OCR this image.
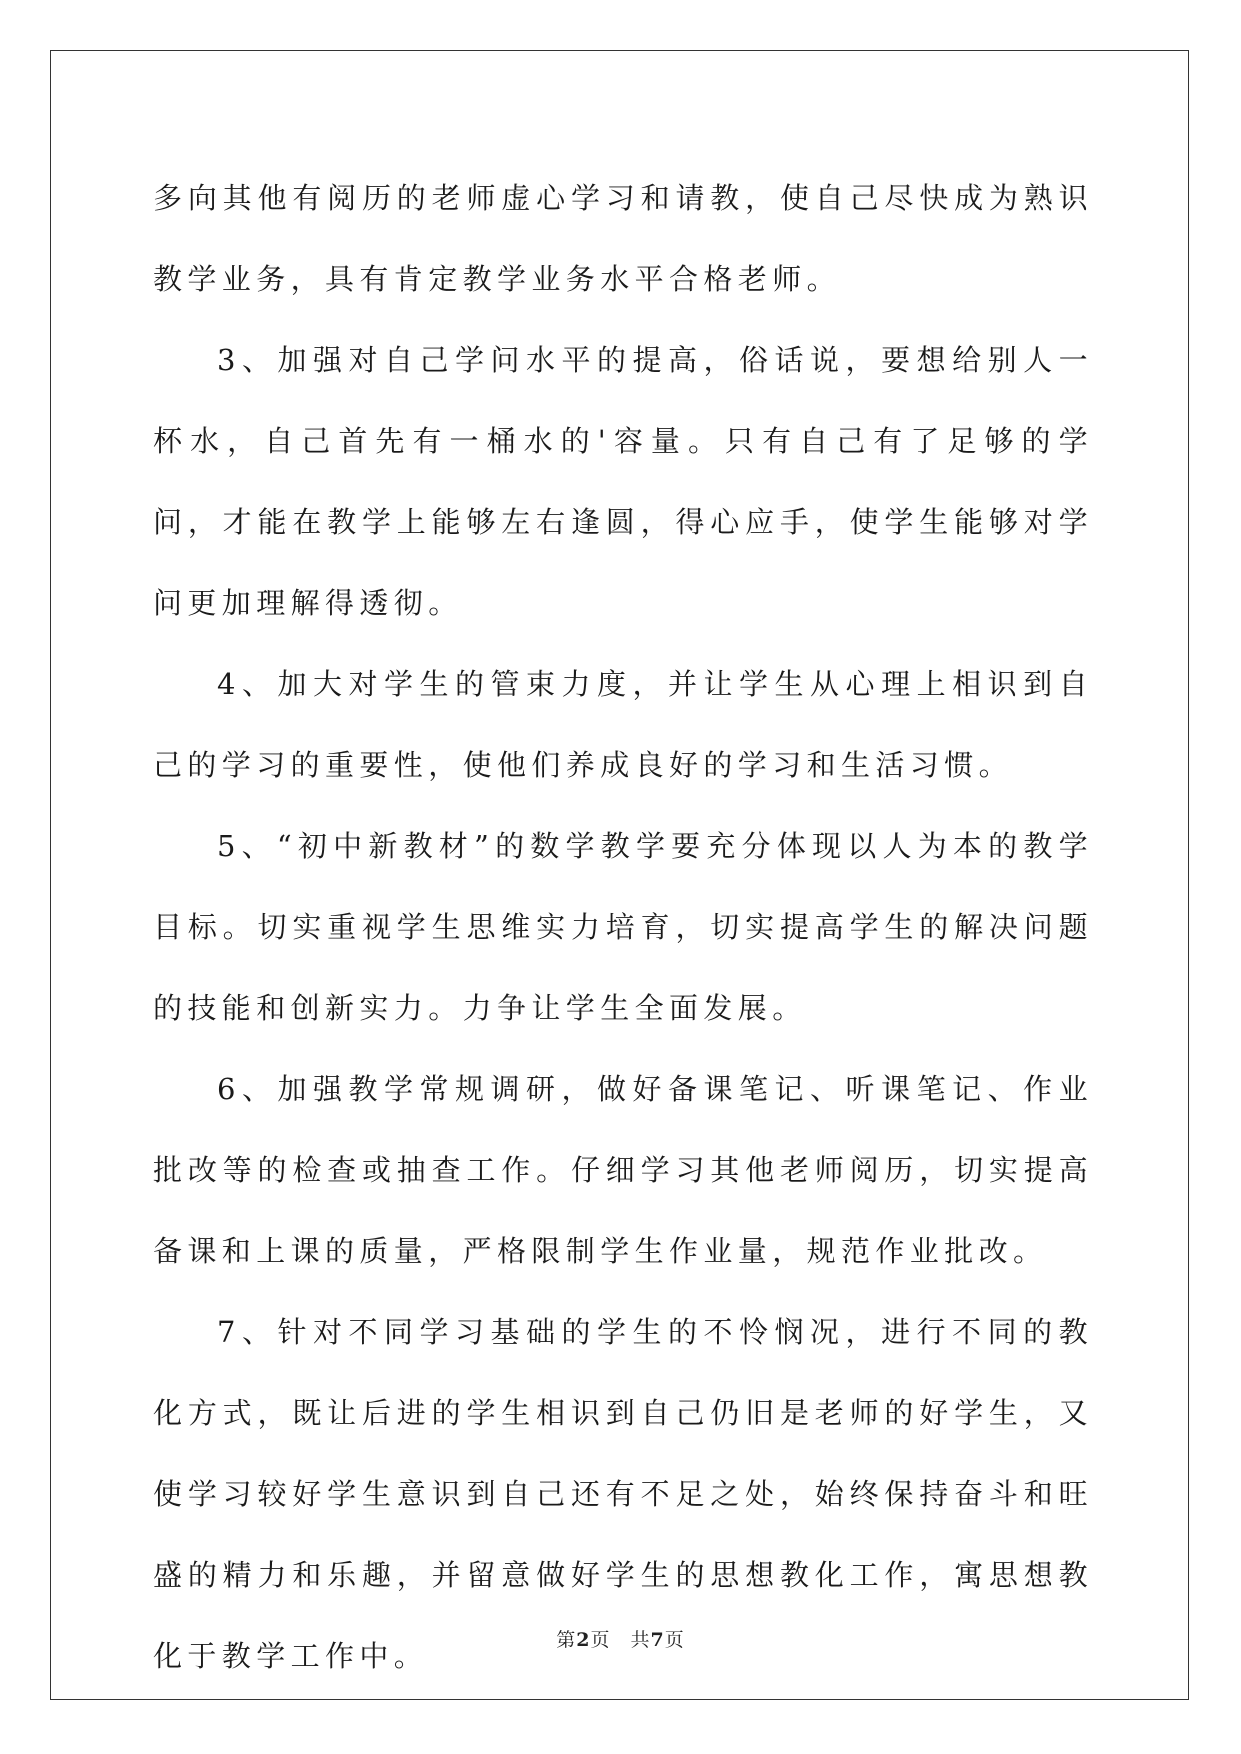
多向其他有阅历的老师虚心学习和请教，使自己尽快成为熟识教学业务，具有肯定教学业务水平合格老师。

3、加强对自己学问水平的提高，俗话说，要想给别人一杯水，自己首先有一桶水的'容量。只有自己有了足够的学问，才能在教学上能够左右逢圆，得心应手，使学生能够对学问更加理解得透彻。

4、加大对学生的管束力度，并让学生从心理上相识到自己的学习的重要性，使他们养成良好的学习和生活习惯。

5、“初中新教材”的数学教学要充分体现以人为本的教学目标。切实重视学生思维实力培育，切实提高学生的解决问题的技能和创新实力。力争让学生全面发展。

6、加强教学常规调研，做好备课笔记、听课笔记、作业批改等的检查或抽查工作。仔细学习其他老师阅历，切实提高备课和上课的质量，严格限制学生作业量，规范作业批改。

7、针对不同学习基础的学生的不怜悯况，进行不同的教化方式，既让后进的学生相识到自己仍旧是老师的好学生，又使学习较好学生意识到自己还有不足之处，始终保持奋斗和旺盛的精力和乐趣，并留意做好学生的思想教化工作，寓思想教化于教学工作中。	第2页 共7页
